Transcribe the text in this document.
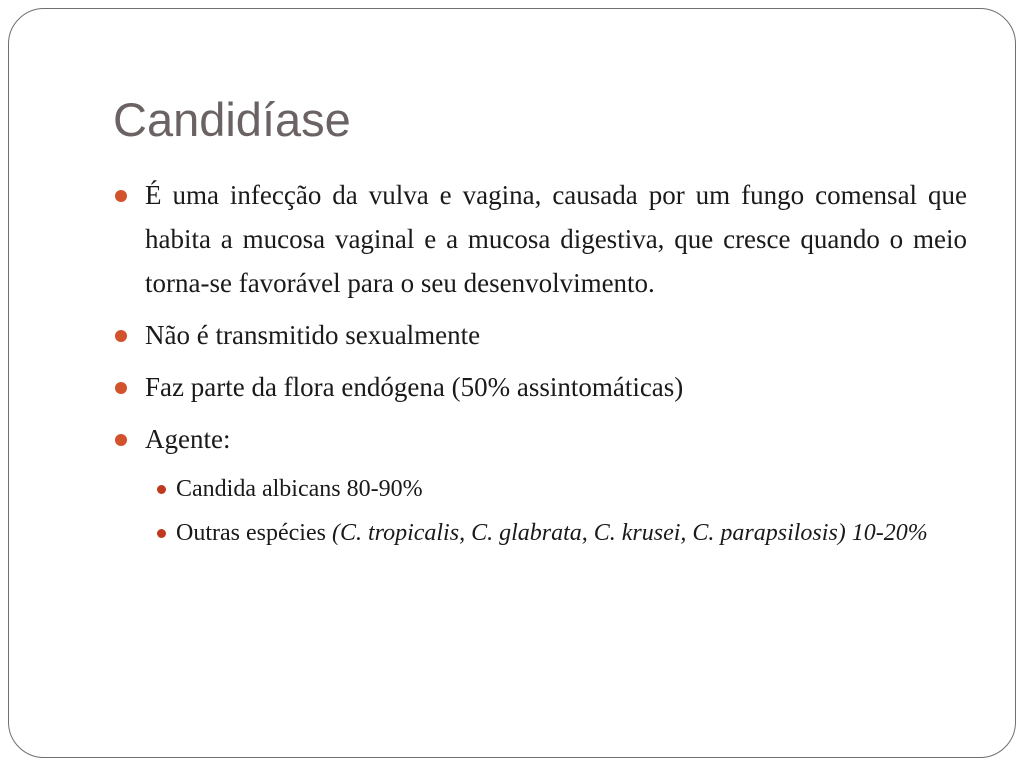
Candidíase
É uma infecção da vulva e vagina, causada por um fungo comensal que habita a mucosa vaginal e a mucosa digestiva, que cresce quando o meio torna-se favorável para o seu desenvolvimento.
Não é transmitido sexualmente
Faz parte da flora endógena (50% assintomáticas)
Agente:
Candida albicans 80-90%
Outras espécies (C. tropicalis, C. glabrata, C. krusei, C. parapsilosis) 10-20%
